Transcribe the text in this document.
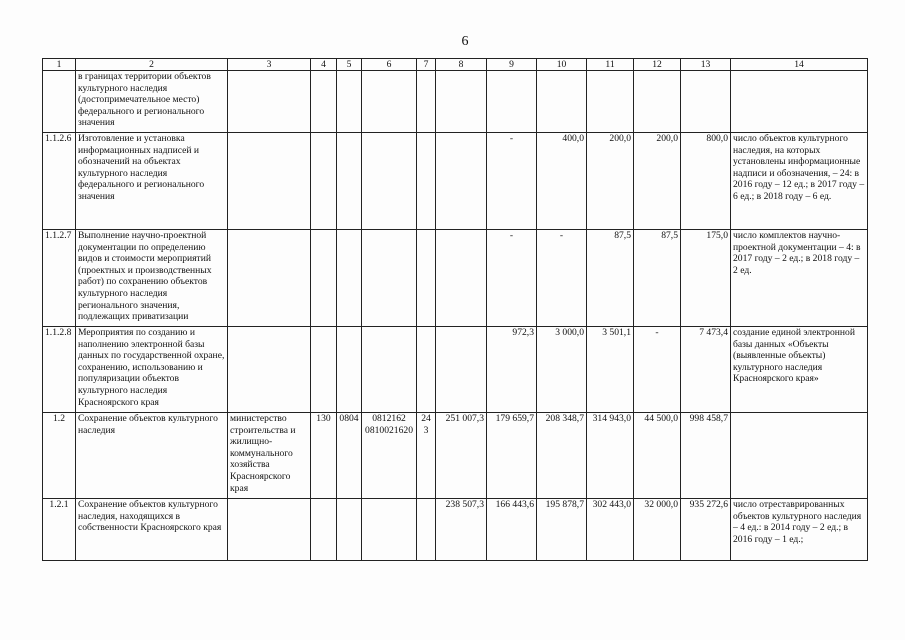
6
1	2	3	4	5	6	7	8	9	10	11	12	13	14
	в границах территории объектов культурного наследия (достопримечательное место) федерального и регионального значения												
1.1.2.6	Изготовление и установка информационных надписей и обозначений на объектах культурного наследия федерального и регионального значения							-	400,0	200,0	200,0	800,0	число объектов культурного наследия, на которых установлены информационные надписи и обозначения, – 24: в 2016 году – 12 ед.; в 2017 году – 6 ед.; в 2018 году – 6 ед.
1.1.2.7	Выполнение научно-проектной документации по определению видов и стоимости мероприятий (проектных и производственных работ) по сохранению объектов культурного наследия регионального значения, подлежащих приватизации							-	-	87,5	87,5	175,0	число комплектов научно-проектной документации – 4: в 2017 году – 2 ед.; в 2018 году – 2 ед.
1.1.2.8	Мероприятия по созданию и наполнению электронной базы данных по государственной охране, сохранению, использованию и популяризации объектов культурного наследия Красноярского края							972,3	3 000,0	3 501,1	-	7 473,4	создание единой электронной базы данных «Объекты (выявленные объекты) культурного наследия Красноярского края»
1.2	Сохранение объектов культурного наследия	министерство строительства и жилищно-коммунального хозяйства Красноярского края	130	0804	0812162 0810021620	243	251 007,3	179 659,7	208 348,7	314 943,0	44 500,0	998 458,7	
1.2.1	Сохранение объектов культурного наследия, находящихся в собственности Красноярского края						238 507,3	166 443,6	195 878,7	302 443,0	32 000,0	935 272,6	число отреставрированных объектов культурного наследия – 4 ед.: в 2014 году – 2 ед.; в 2016 году – 1 ед.;
